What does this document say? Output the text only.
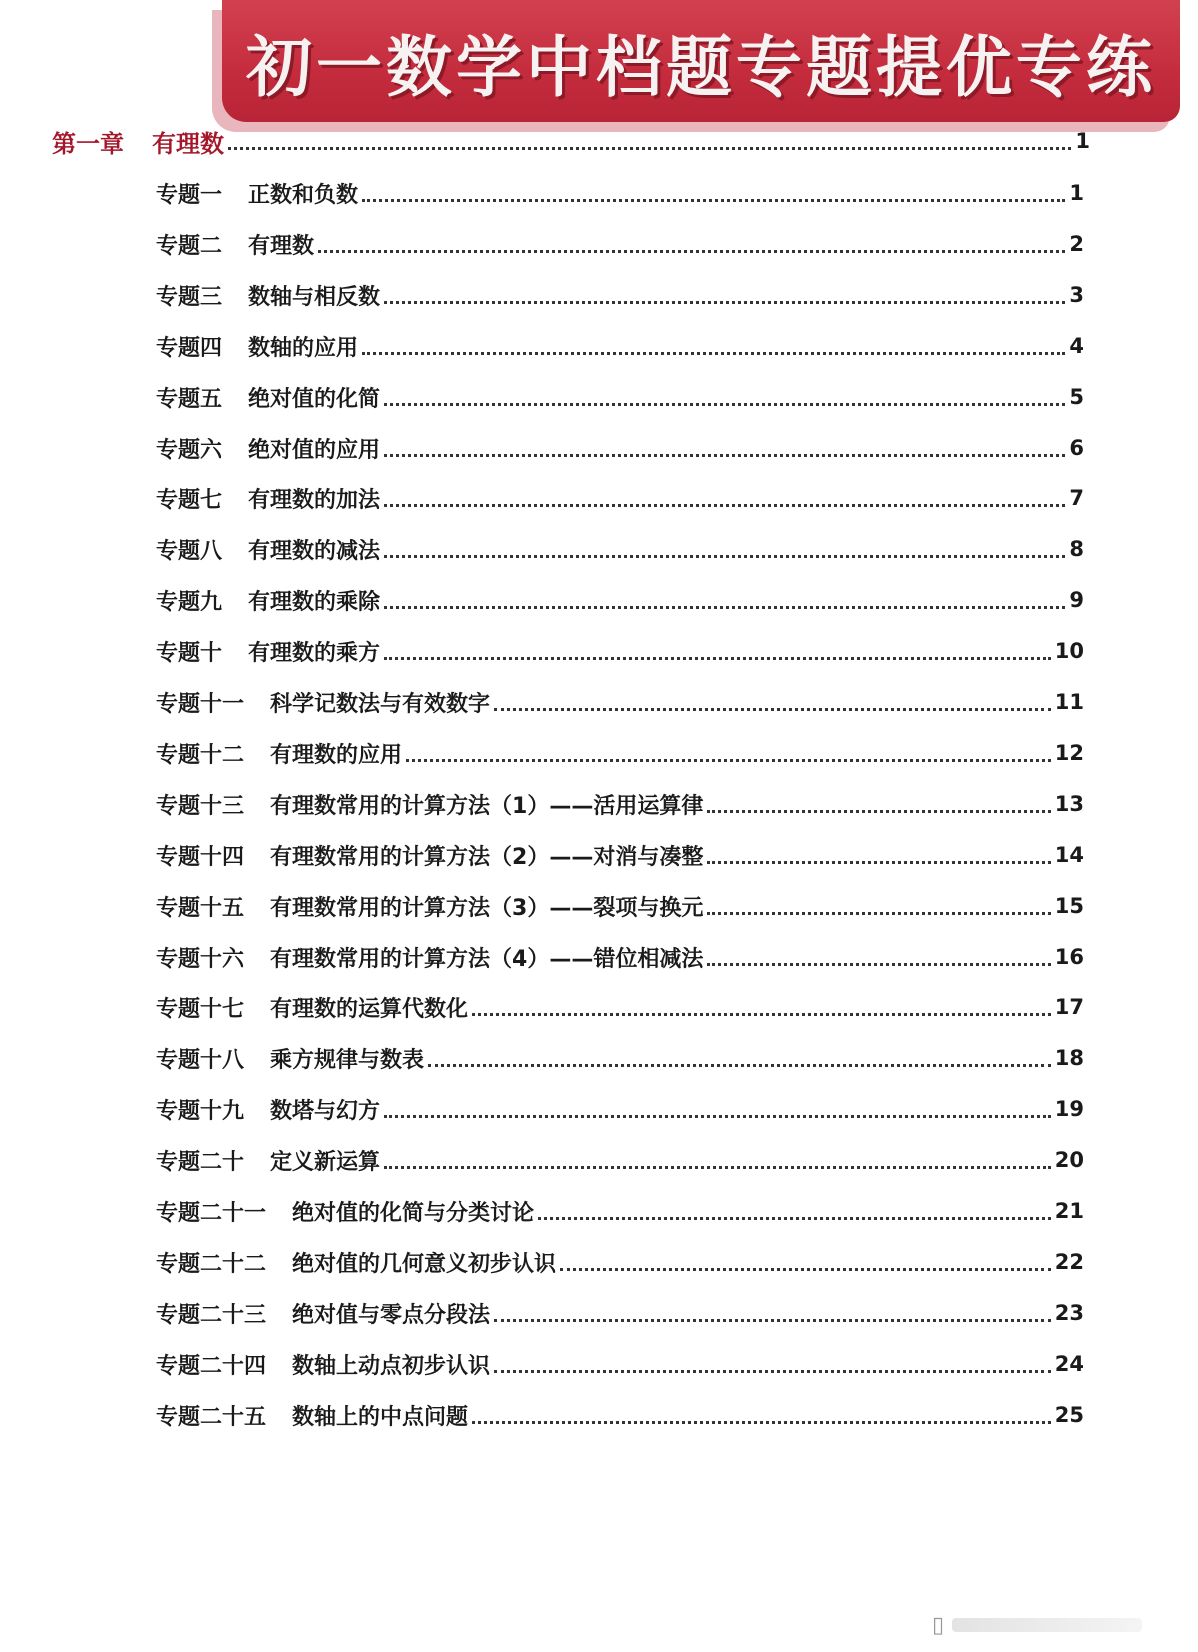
初一数学中档题专题提优专练
第一章 有理数	1
专题一 正数和负数	1
专题二 有理数	2
专题三 数轴与相反数	3
专题四 数轴的应用	4
专题五 绝对值的化简	5
专题六 绝对值的应用	6
专题七 有理数的加法	7
专题八 有理数的减法	8
专题九 有理数的乘除	9
专题十 有理数的乘方	10
专题十一 科学记数法与有效数字	11
专题十二 有理数的应用	12
专题十三 有理数常用的计算方法（1）——活用运算律	13
专题十四 有理数常用的计算方法（2）——对消与凑整	14
专题十五 有理数常用的计算方法（3）——裂项与换元	15
专题十六 有理数常用的计算方法（4）——错位相减法	16
专题十七 有理数的运算代数化	17
专题十八 乘方规律与数表	18
专题十九 数塔与幻方	19
专题二十 定义新运算	20
专题二十一 绝对值的化简与分类讨论	21
专题二十二 绝对值的几何意义初步认识	22
专题二十三 绝对值与零点分段法	23
专题二十四 数轴上动点初步认识	24
专题二十五 数轴上的中点问题	25
▯
